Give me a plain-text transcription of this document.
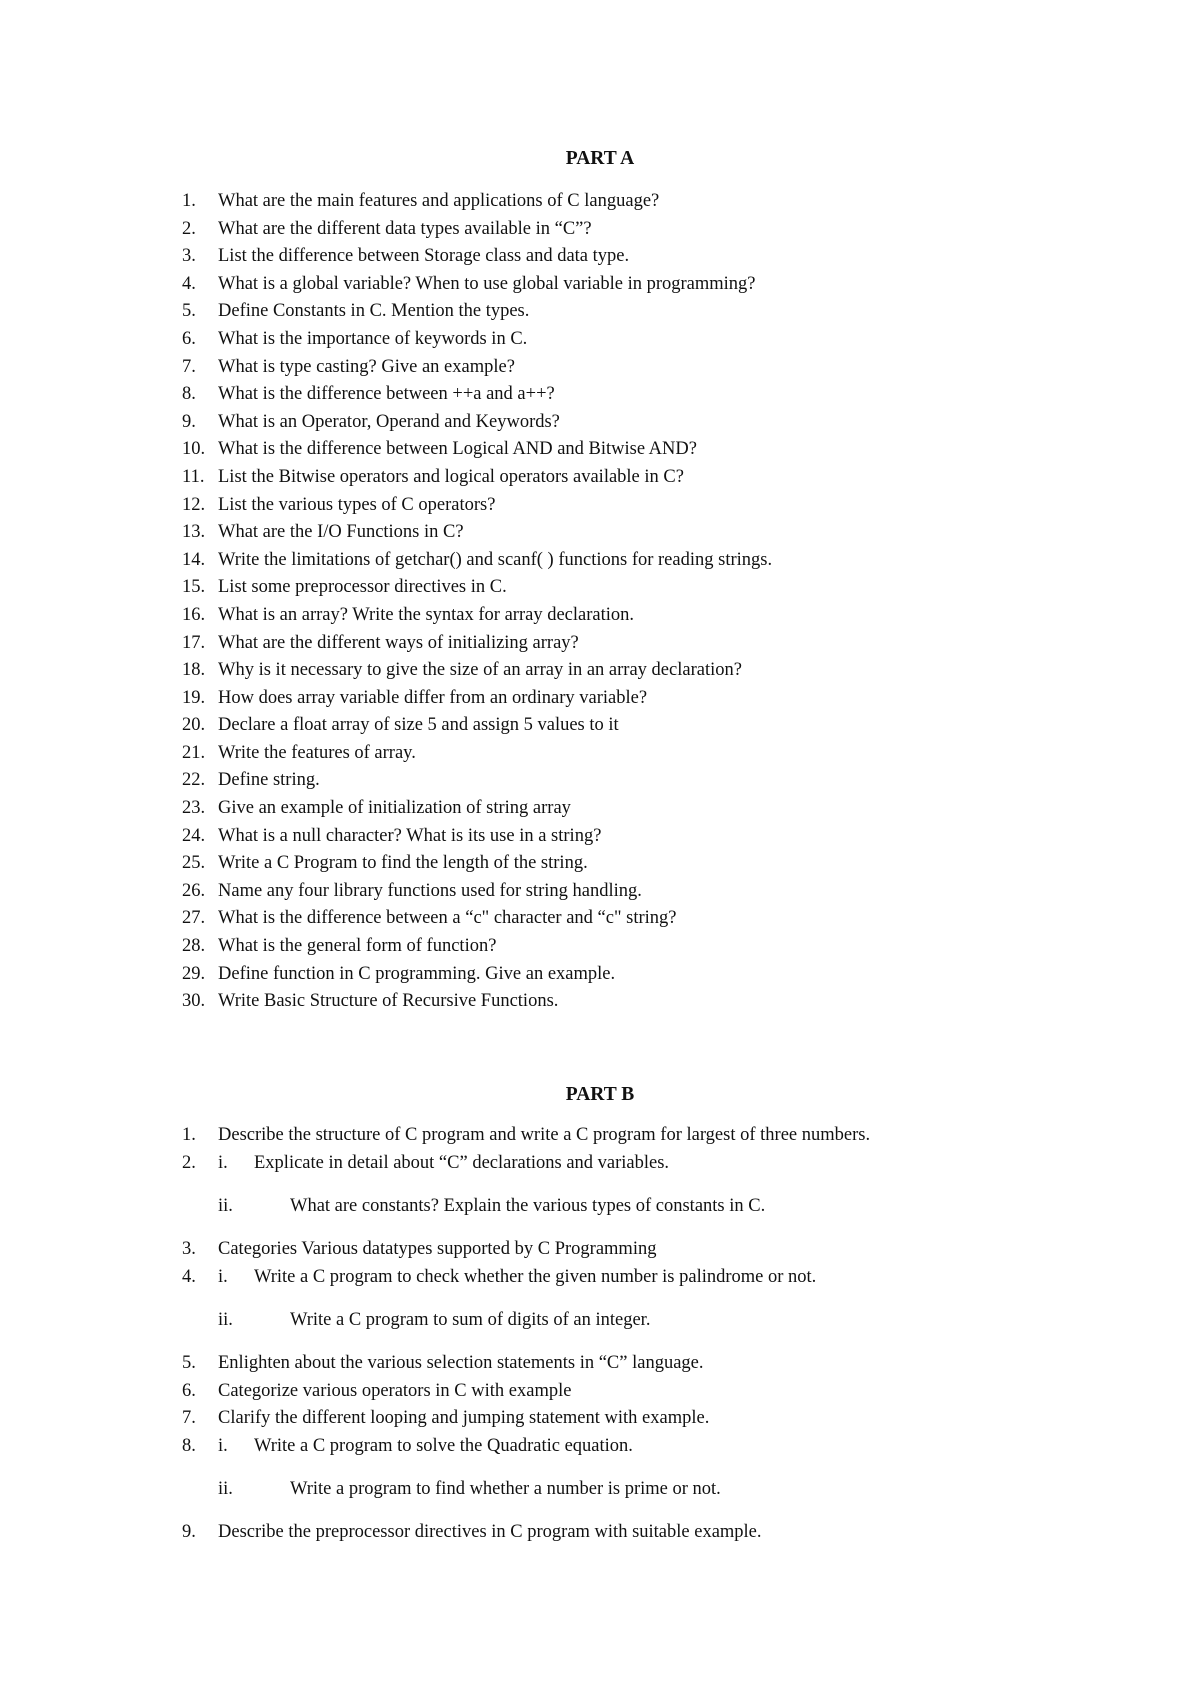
PART A
1. What are the main features and applications of C language?
2. What are the different data types available in “C”?
3. List the difference between Storage class and data type.
4. What is a global variable? When to use global variable in programming?
5. Define Constants in C. Mention the types.
6. What is the importance of keywords in C.
7. What is type casting? Give an example?
8. What is the difference between ++a and a++?
9. What is an Operator, Operand and Keywords?
10. What is the difference between Logical AND and Bitwise AND?
11. List the Bitwise operators and logical operators available in C?
12. List the various types of C operators?
13. What are the I/O Functions in C?
14. Write the limitations of getchar() and scanf( ) functions for reading strings.
15. List some preprocessor directives in C.
16. What is an array? Write the syntax for array declaration.
17. What are the different ways of initializing array?
18. Why is it necessary to give the size of an array in an array declaration?
19. How does array variable differ from an ordinary variable?
20. Declare a float array of size 5 and assign 5 values to it
21. Write the features of array.
22. Define string.
23. Give an example of initialization of string array
24. What is a null character? What is its use in a string?
25. Write a C Program to find the length of the string.
26. Name any four library functions used for string handling.
27. What is the difference between a “c" character and “c" string?
28. What is the general form of function?
29. Define function in C programming. Give an example.
30. Write Basic Structure of Recursive Functions.
PART B
1. Describe the structure of C program and write a C program for largest of three numbers.
2. i. Explicate in detail about “C” declarations and variables.
ii.	What are constants? Explain the various types of constants in C.
3. Categories Various datatypes supported by C Programming
4. i. Write a C program to check whether the given number is palindrome or not.
ii.	Write a C program to sum of digits of an integer.
5. Enlighten about the various selection statements in “C” language.
6. Categorize various operators in C with example
7. Clarify the different looping and jumping statement with example.
8. i. Write a C program to solve the Quadratic equation.
ii.	Write a program to find whether a number is prime or not.
9. Describe the preprocessor directives in C program with suitable example.
